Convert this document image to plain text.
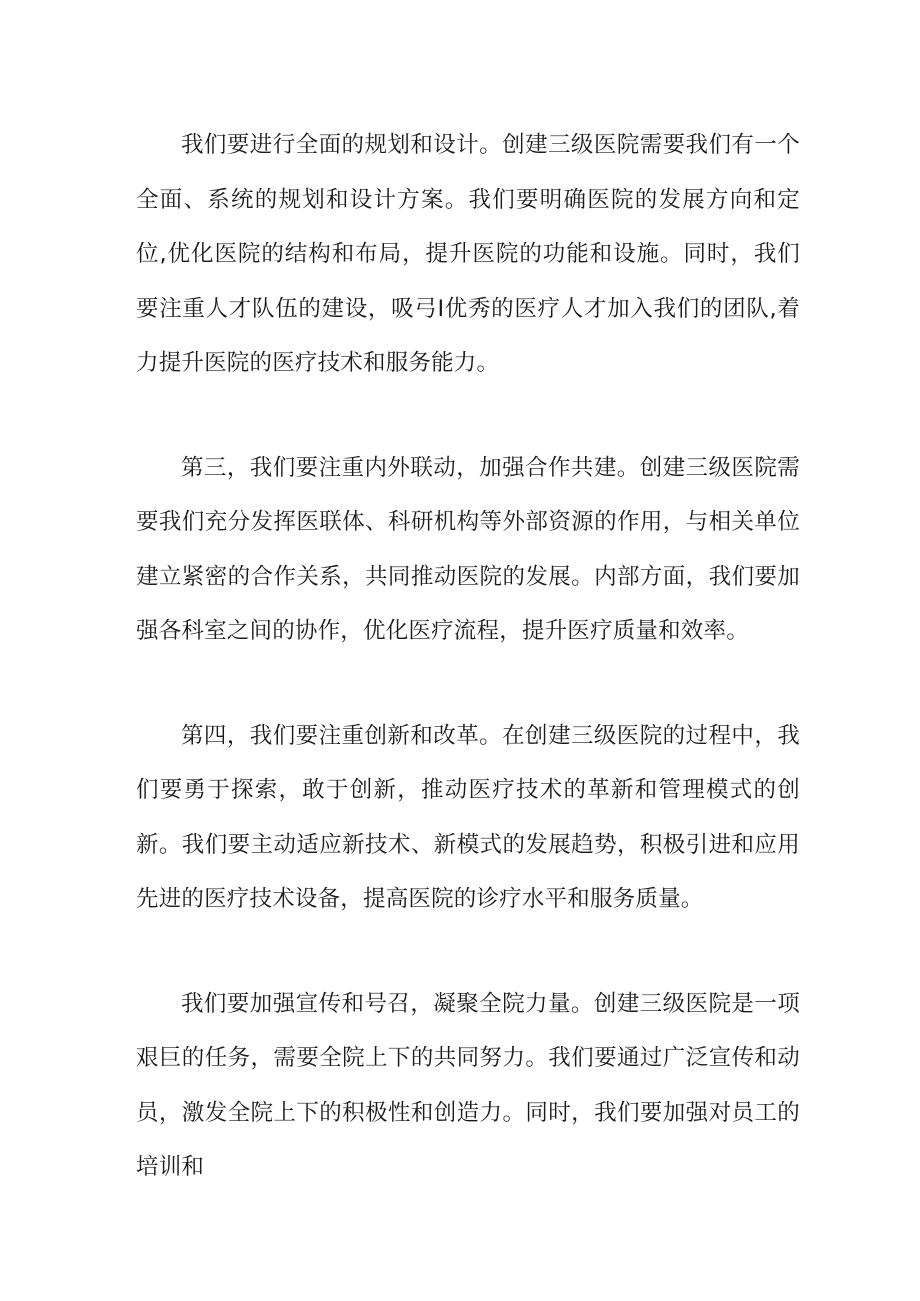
我们要进行全面的规划和设计。创建三级医院需要我们有一个全面、系统的规划和设计方案。我们要明确医院的发展方向和定位,优化医院的结构和布局，提升医院的功能和设施。同时，我们要注重人才队伍的建设，吸弓I优秀的医疗人才加入我们的团队,着力提升医院的医疗技术和服务能力。

第三，我们要注重内外联动，加强合作共建。创建三级医院需要我们充分发挥医联体、科研机构等外部资源的作用，与相关单位建立紧密的合作关系，共同推动医院的发展。内部方面，我们要加强各科室之间的协作，优化医疗流程，提升医疗质量和效率。

第四，我们要注重创新和改革。在创建三级医院的过程中，我们要勇于探索，敢于创新，推动医疗技术的革新和管理模式的创新。我们要主动适应新技术、新模式的发展趋势，积极引进和应用先进的医疗技术设备，提高医院的诊疗水平和服务质量。

我们要加强宣传和号召，凝聚全院力量。创建三级医院是一项艰巨的任务，需要全院上下的共同努力。我们要通过广泛宣传和动员，激发全院上下的积极性和创造力。同时，我们要加强对员工的培训和
